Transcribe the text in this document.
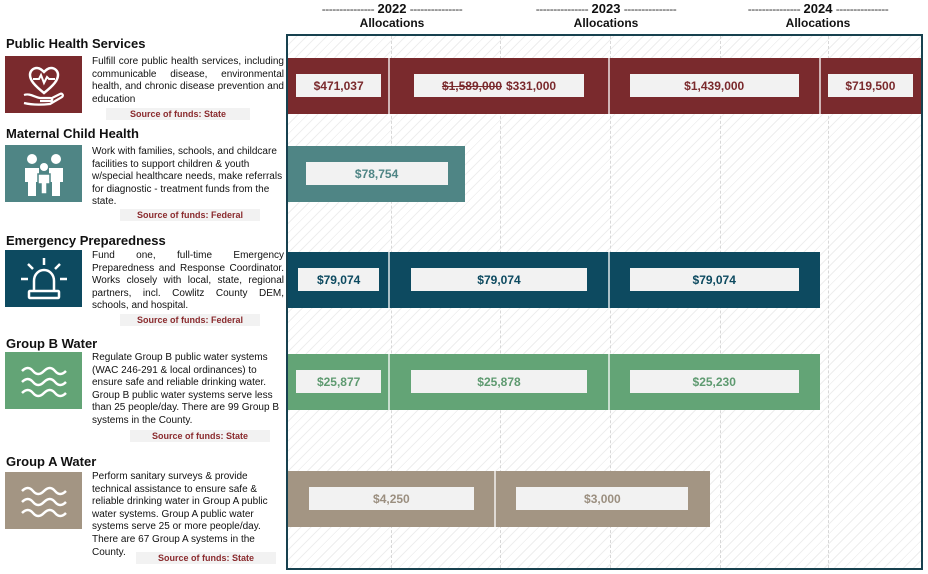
--------------- 2022 ---------------
Allocations
--------------- 2023 ---------------
Allocations
--------------- 2024 ---------------
Allocations
Public Health Services
Fulfill core public health services, including communicable disease, environmental health, and chronic disease prevention and education
Source of funds: State
Maternal Child Health
Work with families, schools, and childcare facilities to support children & youth w/special healthcare needs, make referrals for diagnostic - treatment funds from the state.
Source of funds: Federal
Emergency Preparedness
Fund one, full-time Emergency Preparedness and Response Coordinator. Works closely with local, state, regional partners, incl. Cowlitz County DEM, schools, and hospital.
Source of funds: Federal
Group B Water
Regulate Group B public water systems (WAC 246-291 & local ordinances) to ensure safe and reliable drinking water. Group B public water systems serve less than 25 people/day. There are 99 Group B systems in the County.
Source of funds: State
Group A Water
Perform sanitary surveys & provide technical assistance to ensure safe & reliable drinking water in Group A public water systems. Group A public water systems serve 25 or more people/day. There are 67 Group A systems in the County.
Source of funds: State
$471,037	$1,589,000 $331,000	$1,439,000	$719,500
$78,754
$79,074	$79,074	$79,074
$25,877	$25,878	$25,230
$4,250	$3,000
